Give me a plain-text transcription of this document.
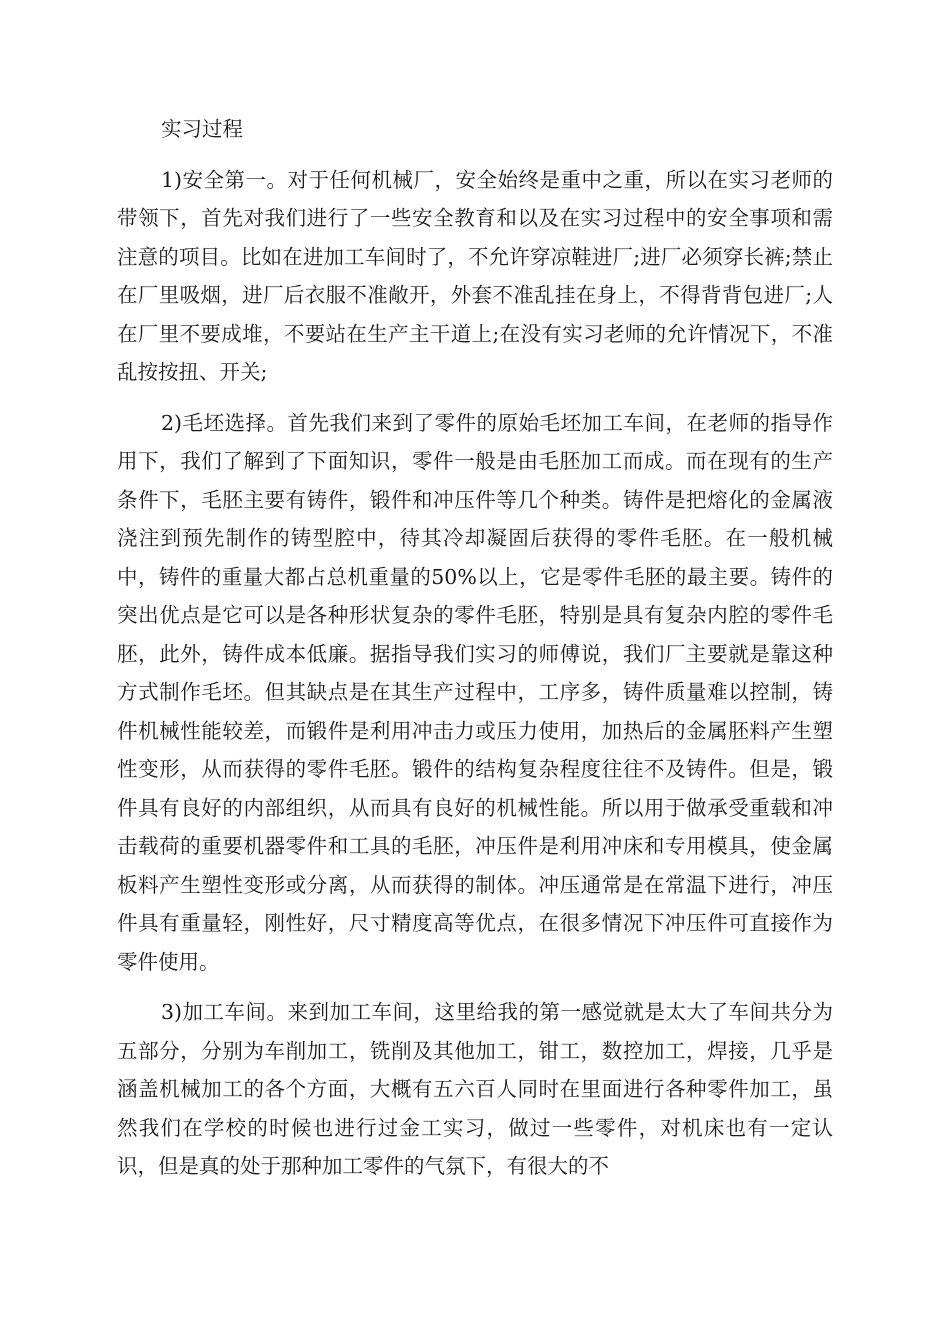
实习过程

1)安全第一。对于任何机械厂，安全始终是重中之重，所以在实习老师的带领下，首先对我们进行了一些安全教育和以及在实习过程中的安全事项和需注意的项目。比如在进加工车间时了，不允许穿凉鞋进厂;进厂必须穿长裤;禁止在厂里吸烟，进厂后衣服不准敞开，外套不准乱挂在身上，不得背背包进厂;人在厂里不要成堆，不要站在生产主干道上;在没有实习老师的允许情况下，不准乱按按扭、开关;

2)毛坯选择。首先我们来到了零件的原始毛坯加工车间，在老师的指导作用下，我们了解到了下面知识，零件一般是由毛胚加工而成。而在现有的生产条件下，毛胚主要有铸件，锻件和冲压件等几个种类。铸件是把熔化的金属液浇注到预先制作的铸型腔中，待其冷却凝固后获得的零件毛胚。在一般机械中，铸件的重量大都占总机重量的50%以上，它是零件毛胚的最主要。铸件的突出优点是它可以是各种形状复杂的零件毛胚，特别是具有复杂内腔的零件毛胚，此外，铸件成本低廉。据指导我们实习的师傅说，我们厂主要就是靠这种方式制作毛坯。但其缺点是在其生产过程中，工序多，铸件质量难以控制，铸件机械性能较差，而锻件是利用冲击力或压力使用，加热后的金属胚料产生塑性变形，从而获得的零件毛胚。锻件的结构复杂程度往往不及铸件。但是，锻件具有良好的内部组织，从而具有良好的机械性能。所以用于做承受重载和冲击载荷的重要机器零件和工具的毛胚，冲压件是利用冲床和专用模具，使金属板料产生塑性变形或分离，从而获得的制体。冲压通常是在常温下进行，冲压件具有重量轻，刚性好，尺寸精度高等优点，在很多情况下冲压件可直接作为零件使用。

3)加工车间。来到加工车间，这里给我的第一感觉就是太大了车间共分为五部分，分别为车削加工，铣削及其他加工，钳工，数控加工，焊接，几乎是涵盖机械加工的各个方面，大概有五六百人同时在里面进行各种零件加工，虽然我们在学校的时候也进行过金工实习，做过一些零件，对机床也有一定认识，但是真的处于那种加工零件的气氛下，有很大的不
